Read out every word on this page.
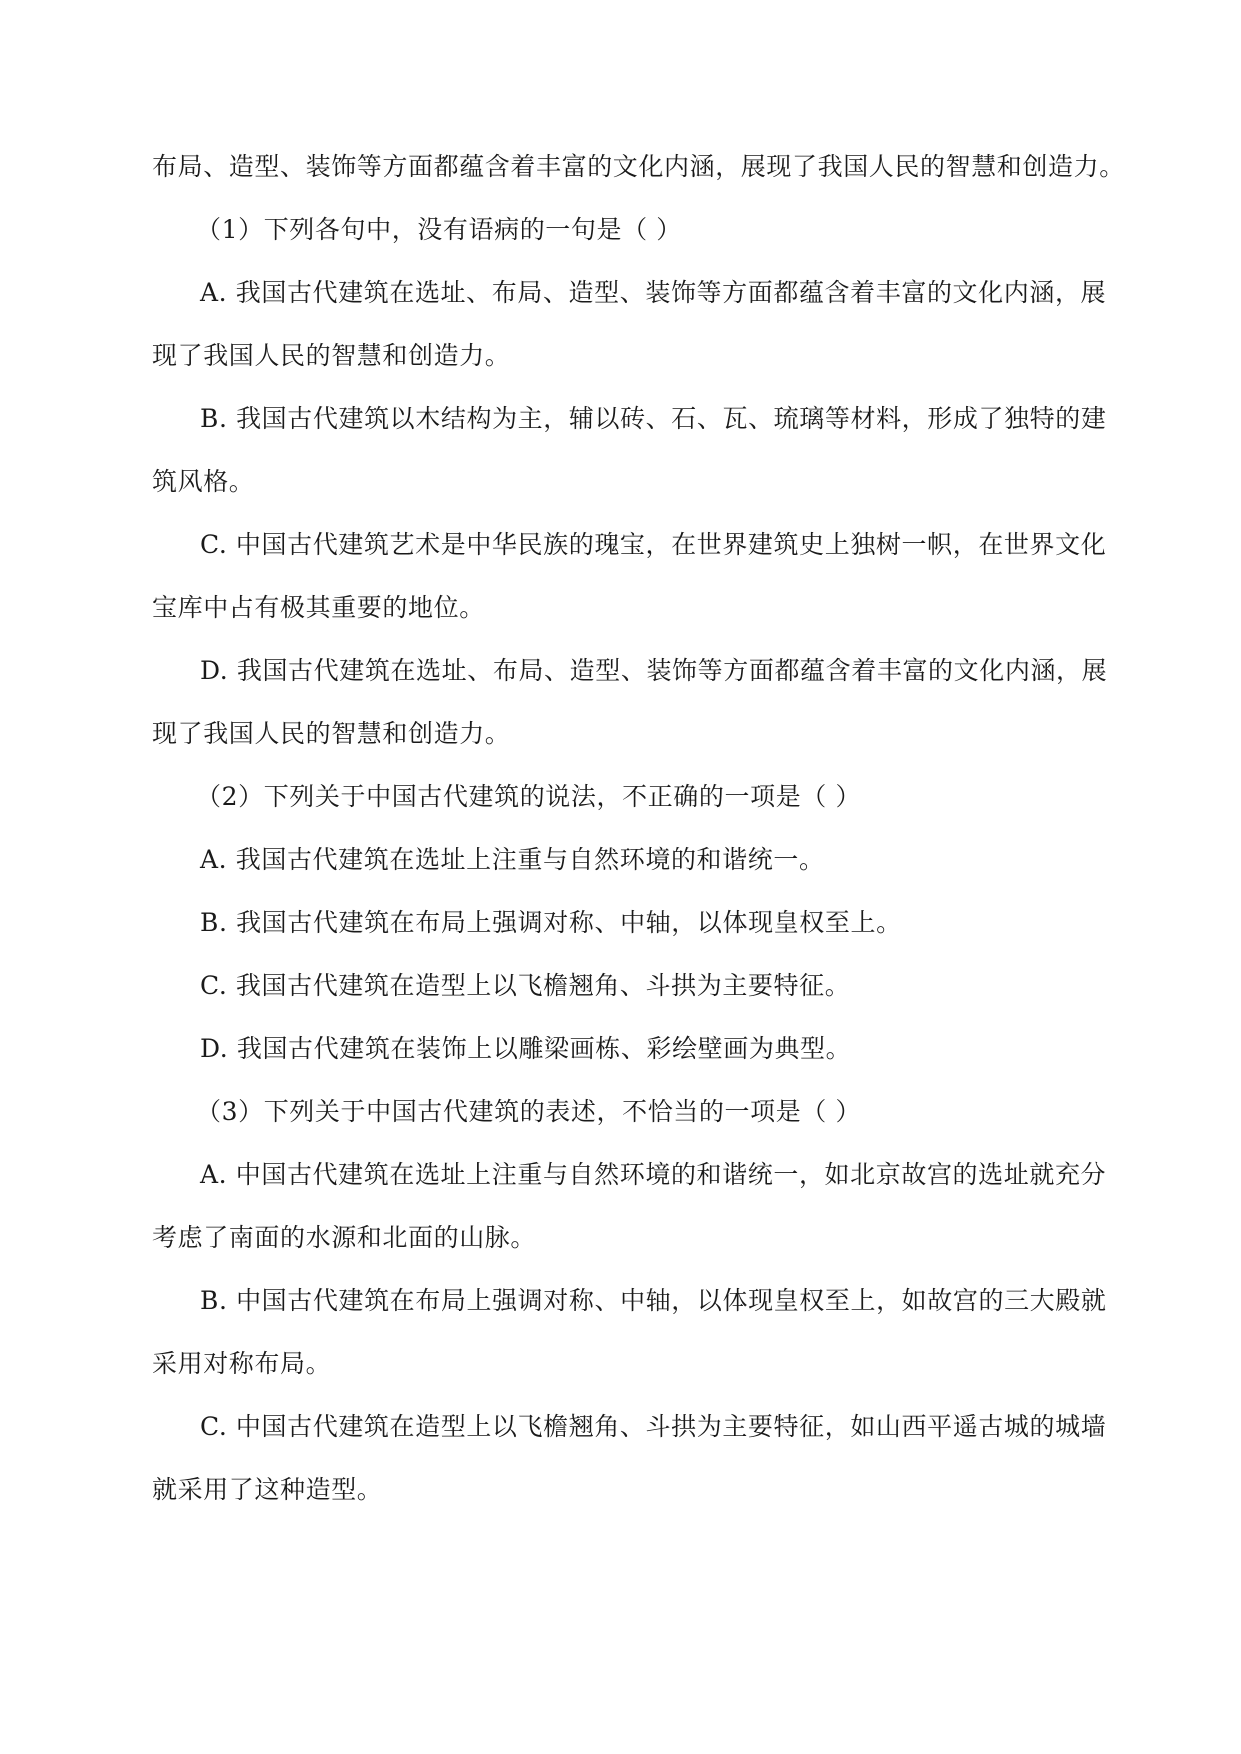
布局、造型、装饰等方面都蕴含着丰富的文化内涵，展现了我国人民的智慧和创造力。
（1）下列各句中，没有语病的一句是（ ）
A. 我国古代建筑在选址、布局、造型、装饰等方面都蕴含着丰富的文化内涵，展
现了我国人民的智慧和创造力。
B. 我国古代建筑以木结构为主，辅以砖、石、瓦、琉璃等材料，形成了独特的建
筑风格。
C. 中国古代建筑艺术是中华民族的瑰宝，在世界建筑史上独树一帜，在世界文化
宝库中占有极其重要的地位。
D. 我国古代建筑在选址、布局、造型、装饰等方面都蕴含着丰富的文化内涵，展
现了我国人民的智慧和创造力。
（2）下列关于中国古代建筑的说法，不正确的一项是（ ）
A. 我国古代建筑在选址上注重与自然环境的和谐统一。
B. 我国古代建筑在布局上强调对称、中轴，以体现皇权至上。
C. 我国古代建筑在造型上以飞檐翘角、斗拱为主要特征。
D. 我国古代建筑在装饰上以雕梁画栋、彩绘壁画为典型。
（3）下列关于中国古代建筑的表述，不恰当的一项是（ ）
A. 中国古代建筑在选址上注重与自然环境的和谐统一，如北京故宫的选址就充分
考虑了南面的水源和北面的山脉。
B. 中国古代建筑在布局上强调对称、中轴，以体现皇权至上，如故宫的三大殿就
采用对称布局。
C. 中国古代建筑在造型上以飞檐翘角、斗拱为主要特征，如山西平遥古城的城墙
就采用了这种造型。
